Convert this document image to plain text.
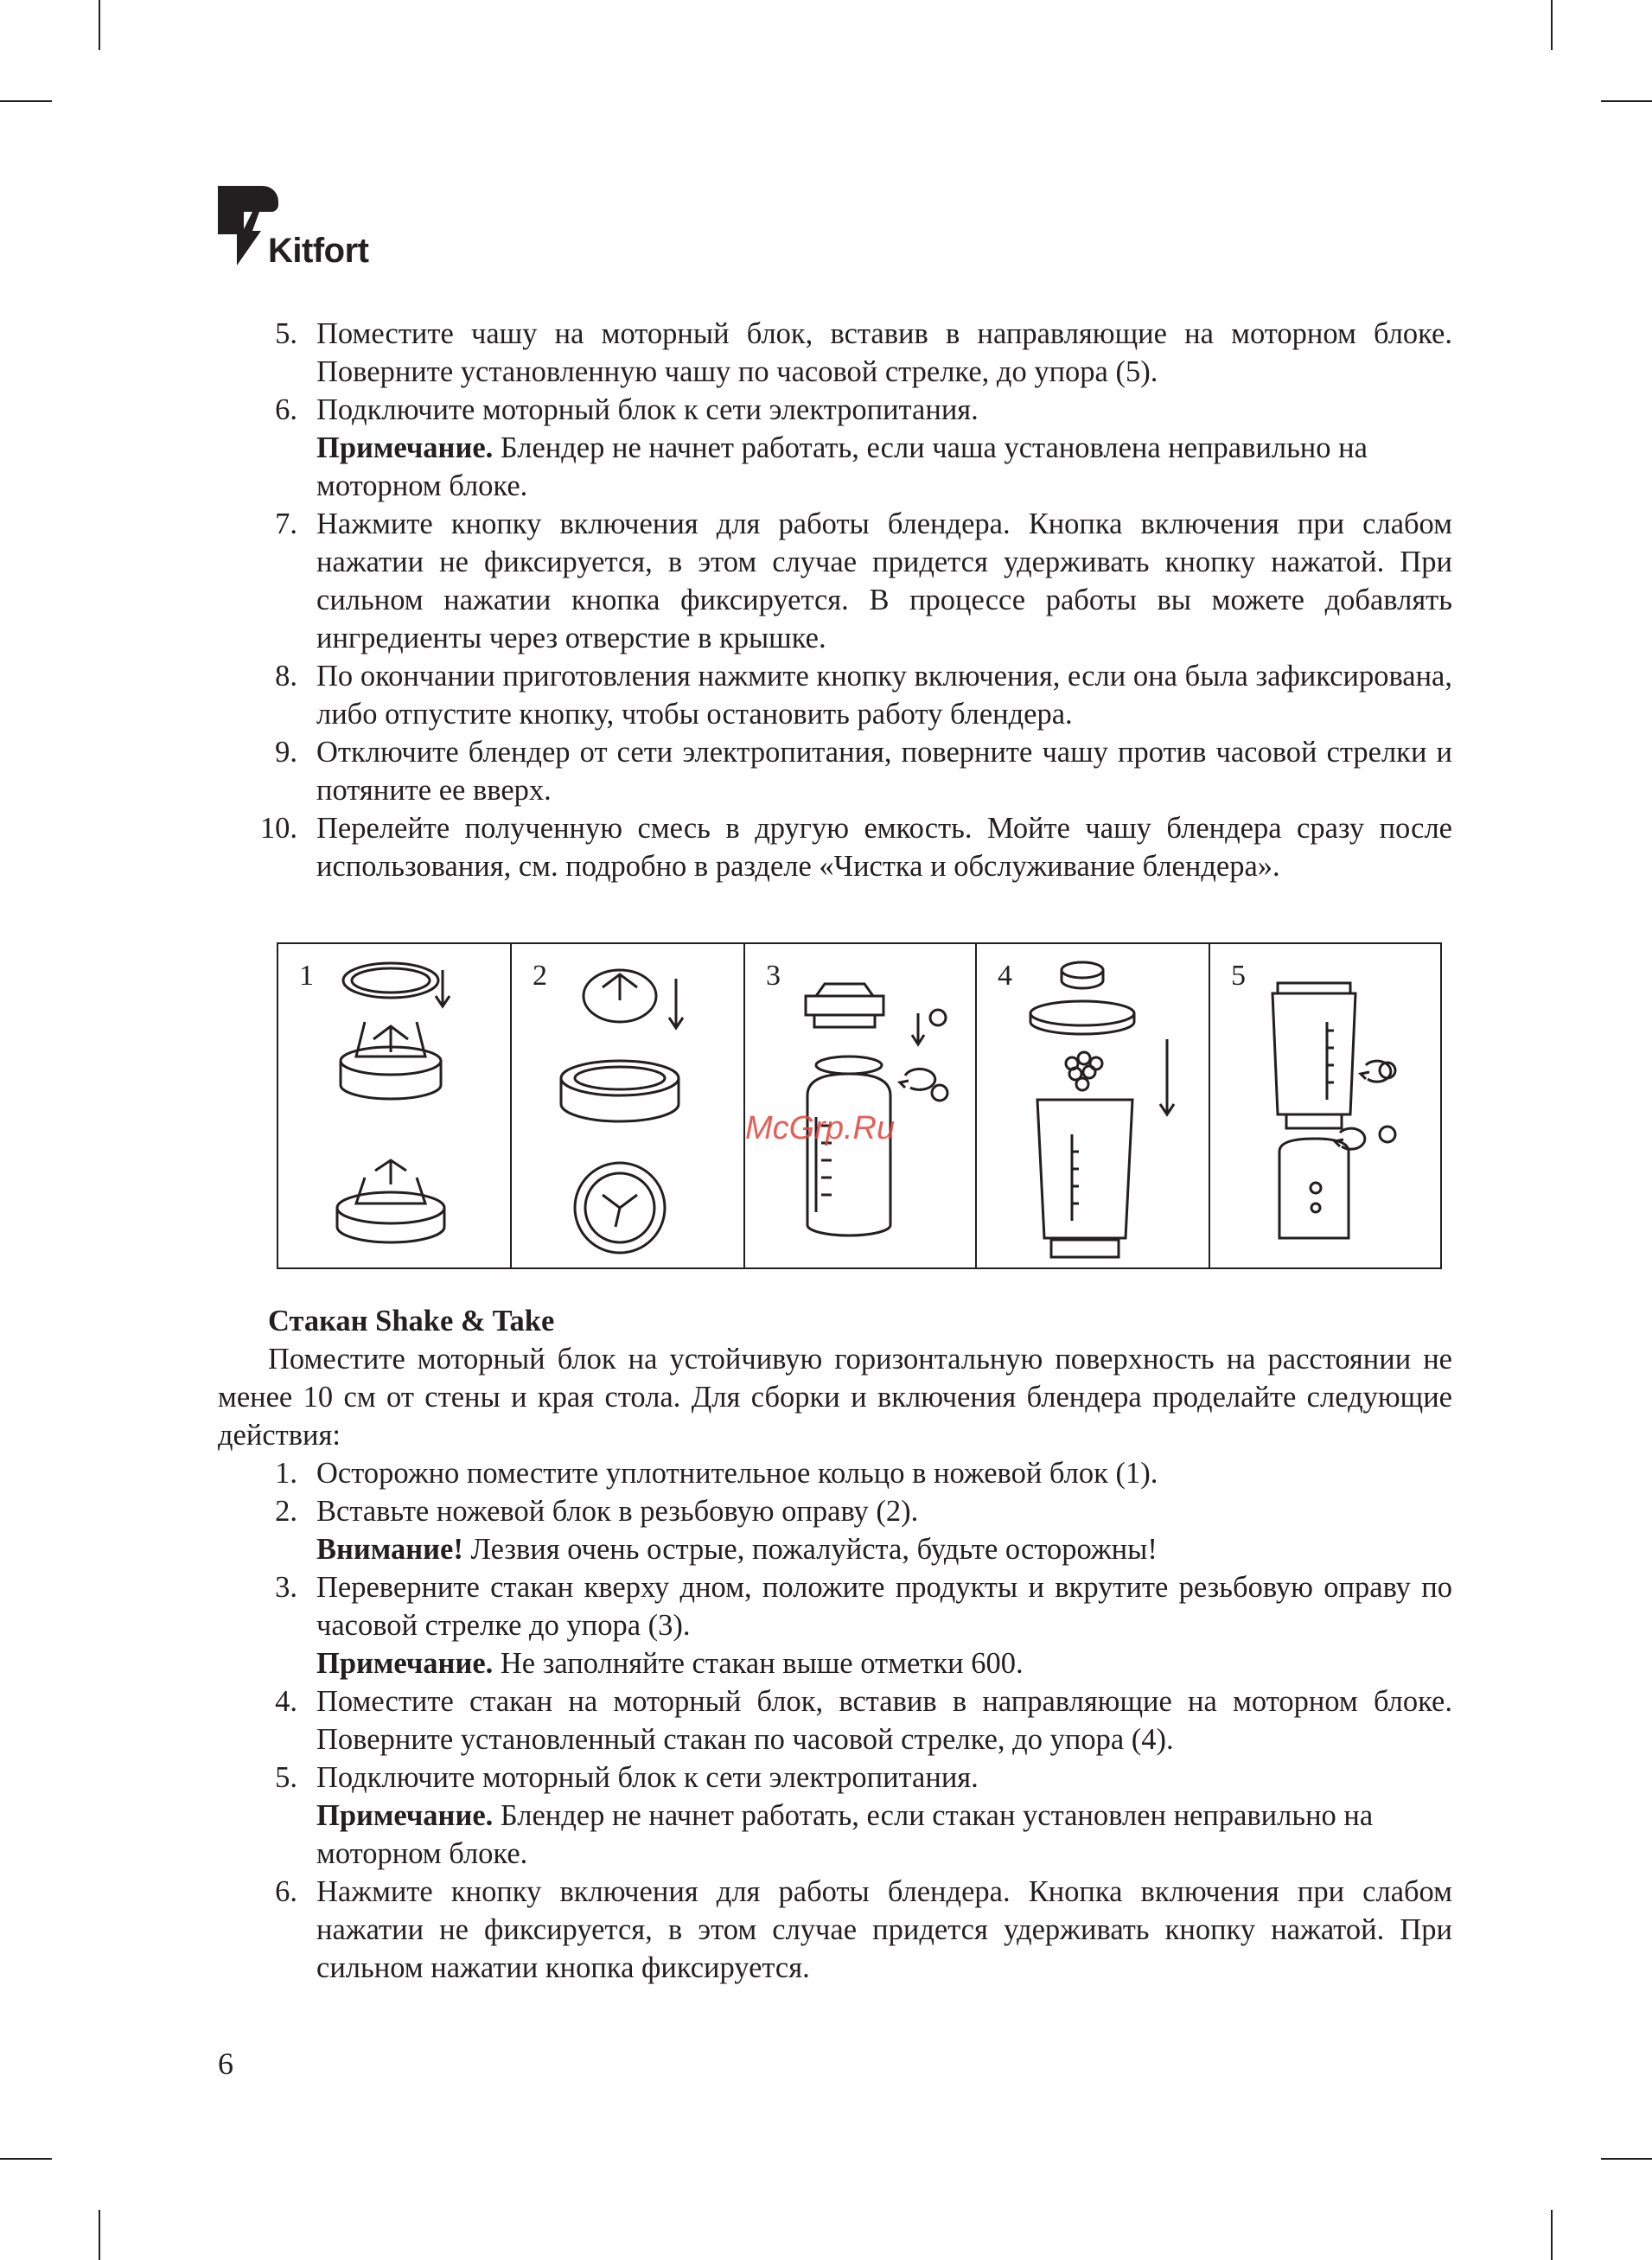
Kitfort
5. Поместите чашу на моторный блок, вставив в направляющие на моторном блоке. Поверните установленную чашу по часовой стрелке, до упора (5).

6. Подключите моторный блок к сети электропитания.

Примечание. Блендер не начнет работать, если чаша установлена неправильно на моторном блоке.

7. Нажмите кнопку включения для работы блендера. Кнопка включения при слабом нажатии не фиксируется, в этом случае придется удерживать кнопку нажатой. При сильном нажатии кнопка фиксируется. В процессе работы вы можете добавлять ингредиенты через отверстие в крышке.

8. По окончании приготовления нажмите кнопку включения, если она была зафиксирована, либо отпустите кнопку, чтобы остановить работу блендера.

9. Отключите блендер от сети электропитания, поверните чашу против часовой стрелки и потяните ее вверх.

10. Перелейте полученную смесь в другую емкость. Мойте чашу блендера сразу после использования, см. подробно в разделе «Чистка и обслуживание блендера».

1	2	3	4	5
McGrp.Ru

Стакан Shake & Take

Поместите моторный блок на устойчивую горизонтальную поверхность на расстоянии не менее 10 см от стены и края стола. Для сборки и включения блендера проделайте следующие действия:

1. Осторожно поместите уплотнительное кольцо в ножевой блок (1).

2. Вставьте ножевой блок в резьбовую оправу (2).

Внимание! Лезвия очень острые, пожалуйста, будьте осторожны!

3. Переверните стакан кверху дном, положите продукты и вкрутите резьбовую оправу по часовой стрелке до упора (3).

Примечание. Не заполняйте стакан выше отметки 600.

4. Поместите стакан на моторный блок, вставив в направляющие на моторном блоке. Поверните установленный стакан по часовой стрелке, до упора (4).

5. Подключите моторный блок к сети электропитания.

Примечание. Блендер не начнет работать, если стакан установлен неправильно на моторном блоке.

6. Нажмите кнопку включения для работы блендера. Кнопка включения при слабом нажатии не фиксируется, в этом случае придется удерживать кнопку нажатой. При сильном нажатии кнопка фиксируется.

6
